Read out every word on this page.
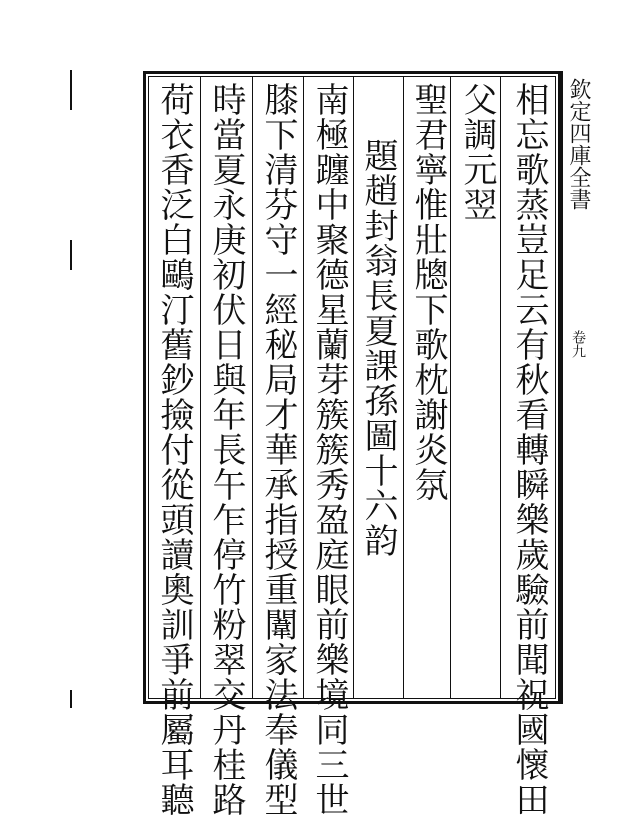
相忘歌蒸豈足云有秋看轉瞬樂歲驗前聞祝國懷田
父調元翌
聖君寧惟壯牕下歌枕謝炎氛
題趙封翁長夏課孫圖十六韵
南極躔中聚德星蘭芽簇簇秀盈庭眼前樂境同三世
膝下清芬守一經秘局才華承指授重闈家法奉儀型
時當夏永庚初伏日與年長午乍停竹粉翠交丹桂路
荷衣香泛白鷗汀舊鈔撿付從頭讀奧訓爭前屬耳聽	欽定四庫全書
卷九
